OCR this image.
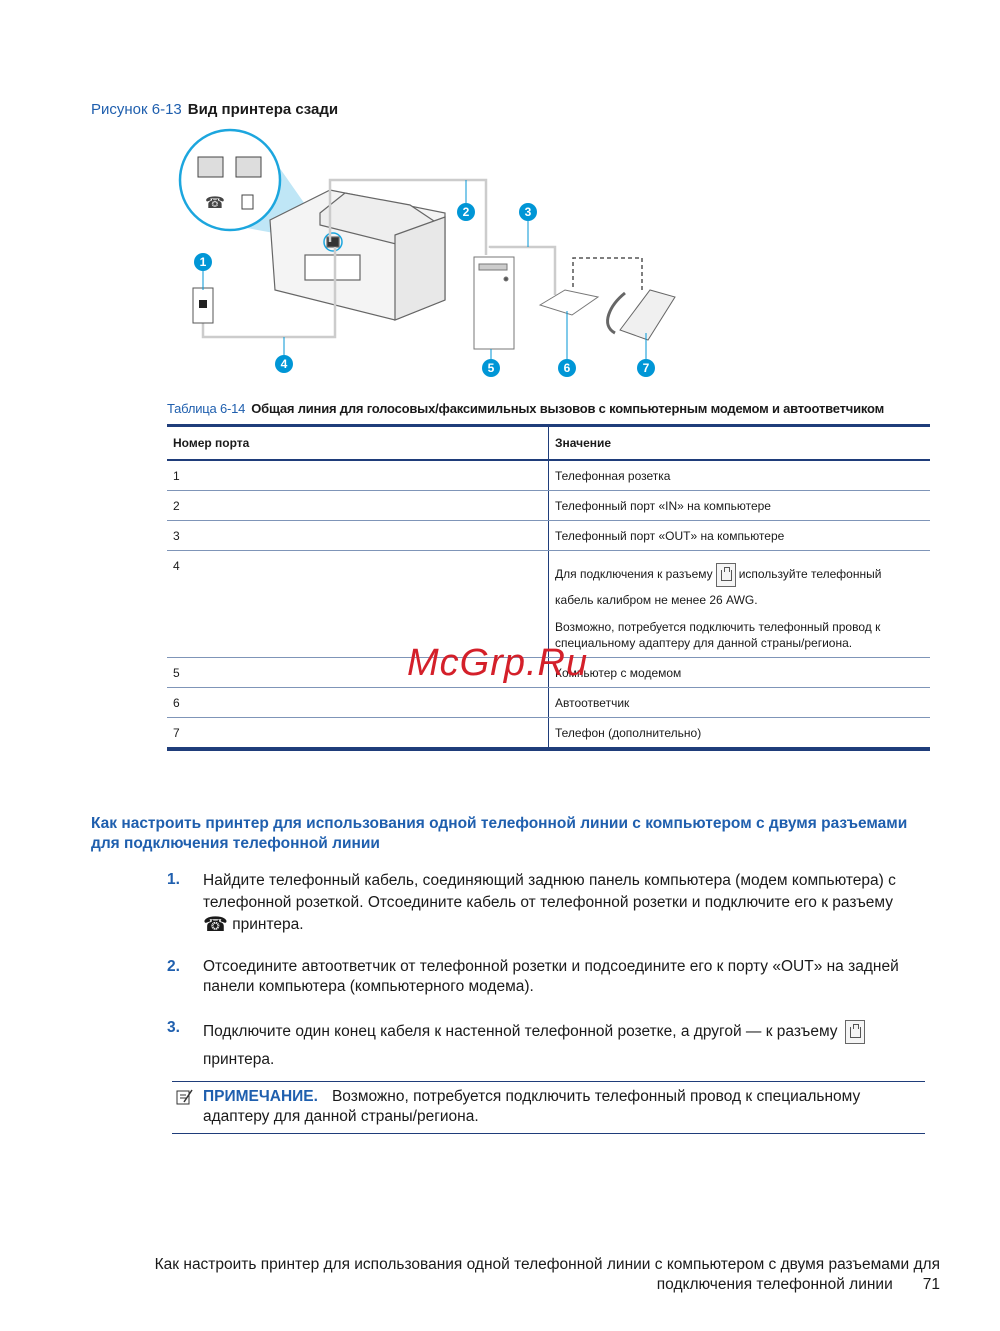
Рисунок 6-13 Вид принтера сзади
☎
1
2	3
4	5	6	7
Таблица 6-14 Общая линия для голосовых/факсимильных вызовов с компьютерным модемом и автоответчиком
Номер порта	Значение
1	Телефонная розетка
2	Телефонный порт «IN» на компьютере
3	Телефонный порт «OUT» на компьютере
4	Для подключения к разъему используйте телефонный
кабель калибром не менее 26 AWG.
Возможно, потребуется подключить телефонный провод к специальному адаптеру для данной страны/региона.

5	Компьютер с модемом
6	Автоответчик
7	Телефон (дополнительно)
McGrp.Ru
Как настроить принтер для использования одной телефонной линии с компьютером с двумя разъемами для подключения телефонной линии
1. Найдите телефонный кабель, соединяющий заднюю панель компьютера (модем компьютера) с телефонной розеткой. Отсоедините кабель от телефонной розетки и подключите его к разъему ☎ принтера.
2. Отсоедините автоответчик от телефонной розетки и подсоедините его к порту «OUT» на задней панели компьютера (компьютерного модема).
3. Подключите один конец кабеля к настенной телефонной розетке, а другой — к разъему
принтера.
ПРИМЕЧАНИЕ. Возможно, потребуется подключить телефонный провод к специальному адаптеру для данной страны/региона.
Как настроить принтер для использования одной телефонной линии с компьютером с двумя разъемами для подключения телефонной линии 71
